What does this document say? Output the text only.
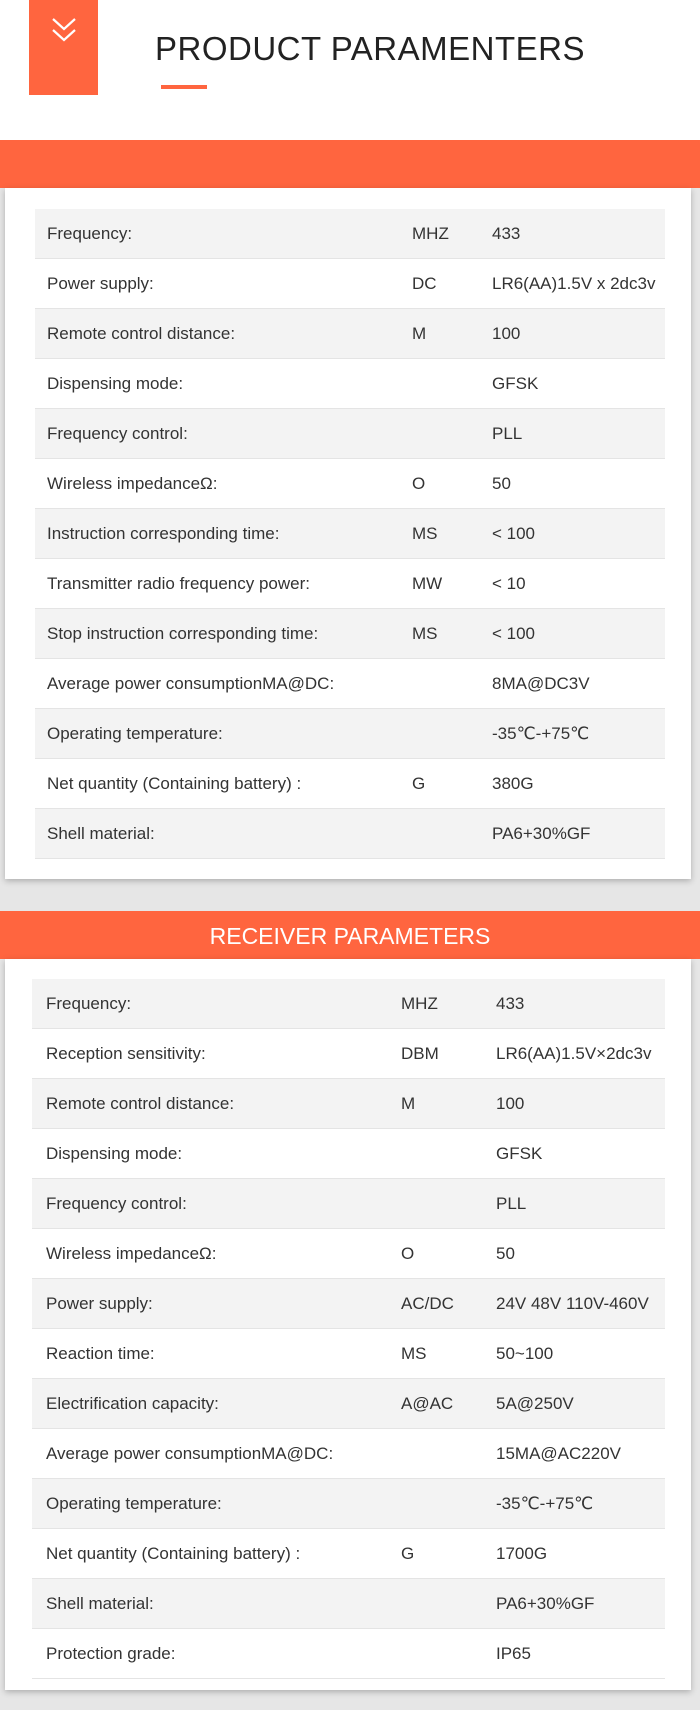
PRODUCT PARAMENTERS
Frequency:	MHZ	433
Power supply:	DC	LR6(AA)1.5V x 2dc3v
Remote control distance:	M	100
Dispensing mode:		GFSK
Frequency control:		PLL
Wireless impedanceΩ:	O	50
Instruction corresponding time:	MS	< 100
Transmitter radio frequency power:	MW	< 10
Stop instruction corresponding time:	MS	< 100
Average power consumptionMA@DC:		8MA@DC3V
Operating temperature:		-35℃-+75℃
Net quantity (Containing battery) :	G	380G
Shell material:		PA6+30%GF
RECEIVER PARAMETERS
Frequency:	MHZ	433
Reception sensitivity:	DBM	LR6(AA)1.5V×2dc3v
Remote control distance:	M	100
Dispensing mode:		GFSK
Frequency control:		PLL
Wireless impedanceΩ:	O	50
Power supply:	AC/DC	24V 48V 110V-460V
Reaction time:	MS	50~100
Electrification capacity:	A@AC	5A@250V
Average power consumptionMA@DC:		15MA@AC220V
Operating temperature:		-35℃-+75℃
Net quantity (Containing battery) :	G	1700G
Shell material:		PA6+30%GF
Protection grade:		IP65
